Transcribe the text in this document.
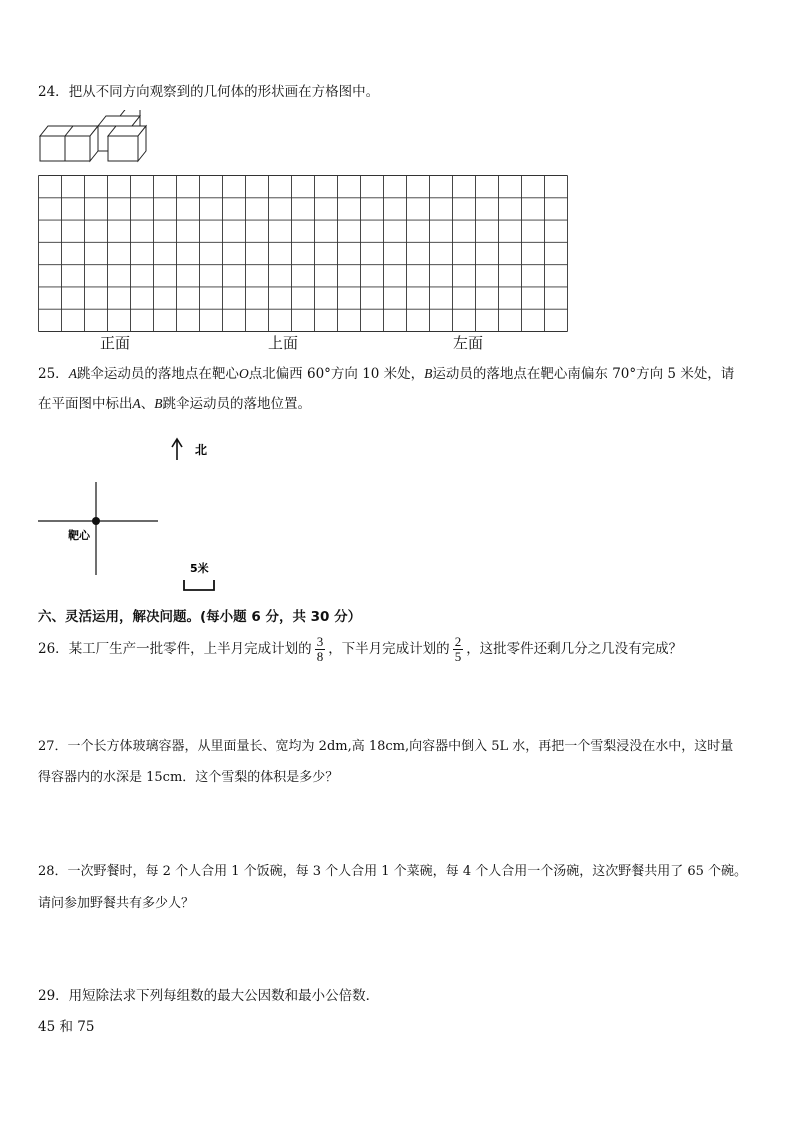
24．把从不同方向观察到的几何体的形状画在方格图中。
正面	上面	左面
25．A跳伞运动员的落地点在靶心O点北偏西 60°方向 10 米处，B运动员的落地点在靶心南偏东 70°方向 5 米处，请
在平面图中标出A、B跳伞运动员的落地位置。
北
靶心
5米
六、灵活运用，解决问题。(每小题 6 分，共 30 分）
26．某工厂生产一批零件，上半月完成计划的 $\frac{3}{8}$ ，下半月完成计划的 $\frac{2}{5}$ ，这批零件还剩几分之几没有完成？
27．一个长方体玻璃容器，从里面量长、宽均为 2dm,高 18cm,向容器中倒入 5L 水，再把一个雪梨浸没在水中，这时量
得容器内的水深是 15cm．这个雪梨的体积是多少？
28．一次野餐时，每 2 个人合用 1 个饭碗，每 3 个人合用 1 个菜碗，每 4 个人合用一个汤碗，这次野餐共用了 65 个碗。
请问参加野餐共有多少人？
29．用短除法求下列每组数的最大公因数和最小公倍数．
45 和 75
